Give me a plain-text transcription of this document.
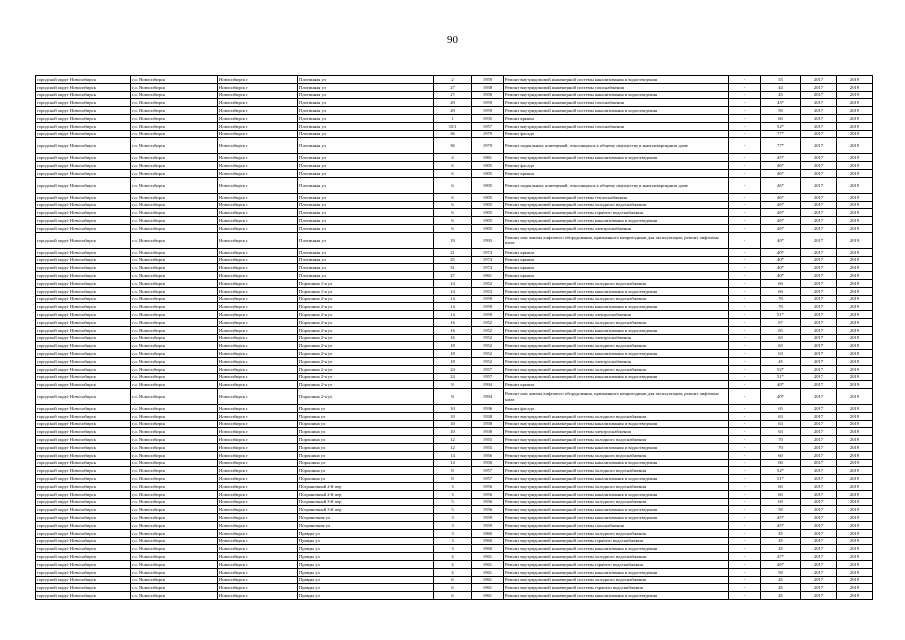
90
городской округ Новосибирск	г.о. Новосибирск	Новосибирск г	Плотинная ул	2	1959	Ремонт внутридомовой инженерной системы канализования и водоотведения	-	55	2017	2019
городской округ Новосибирск	г.о. Новосибирск	Новосибирск г	Плотинная ул	27	1958	Ремонт внутридомовой инженерной системы газоснабжения	-	44	2017	2019
городской округ Новосибирск	г.о. Новосибирск	Новосибирск г	Плотинная ул	27	1958	Ремонт внутридомовой инженерной системы канализования и водоотведения	-	45	2017	2019
городской округ Новосибирск	г.о. Новосибирск	Новосибирск г	Плотинная ул	29	1959	Ремонт внутридомовой инженерной системы газоснабжения	-	43*	2017	2019
городской округ Новосибирск	г.о. Новосибирск	Новосибирск г	Плотинная ул	29	1959	Ремонт внутридомовой инженерной системы канализования и водоотведения	-	50	2017	2019
городской округ Новосибирск	г.о. Новосибирск	Новосибирск г	Плотинная ул	1	1935	Ремонт крыши	-	60	2017	2019
городской округ Новосибирск	г.о. Новосибирск	Новосибирск г	Плотинная ул	35/1	1957	Ремонт внутридомовой инженерной системы газоснабжения	-	52*	2017	2019
городской округ Новосибирск	г.о. Новосибирск	Новосибирск г	Плотинная ул	36	1979	Ремонт фасада	-	77*	2017	2019
городской округ Новосибирск	г.о. Новосибирск	Новосибирск г	Плотинная ул	36	1979	Ремонт подвальных помещений, относящихся к общему имуществу в многоквартирном доме	-	77*	2017	2019
городской округ Новосибирск	г.о. Новосибирск	Новосибирск г	Плотинная ул	4	1961	Ремонт внутридомовой инженерной системы канализования и водоотведения	-	45*	2017	2019
городской округ Новосибирск	г.о. Новосибирск	Новосибирск г	Плотинная ул	6	1905	Ремонт фасада	-	46*	2017	2019
городской округ Новосибирск	г.о. Новосибирск	Новосибирск г	Плотинная ул	6	1905	Ремонт крыши	-	46*	2017	2019
городской округ Новосибирск	г.о. Новосибирск	Новосибирск г	Плотинная ул	6	1905	Ремонт подвальных помещений, относящихся к общему имуществу в многоквартирном доме	-	46*	2017	2019
городской округ Новосибирск	г.о. Новосибирск	Новосибирск г	Плотинная ул	6	1905	Ремонт внутридомовой инженерной системы теплоснабжения	-	46*	2017	2019
городской округ Новосибирск	г.о. Новосибирск	Новосибирск г	Плотинная ул	6	1905	Ремонт внутридомовой инженерной системы холодного водоснабжения	-	46*	2017	2019
городской округ Новосибирск	г.о. Новосибирск	Новосибирск г	Плотинная ул	6	1905	Ремонт внутридомовой инженерной системы горячего водоснабжения	-	46*	2017	2019
городской округ Новосибирск	г.о. Новосибирск	Новосибирск г	Плотинная ул	6	1905	Ремонт внутридомовой инженерной системы канализования и водоотведения	-	46*	2017	2019
городской округ Новосибирск	г.о. Новосибирск	Новосибирск г	Плотинная ул	6	1905	Ремонт внутридомовой инженерной системы электроснабжения	-	46*	2017	2019
городской округ Новосибирск	г.о. Новосибирск	Новосибирск г	Плотинная ул	19	1993	Ремонт или замена лифтового оборудования, признанного непригодным для эксплуатации, ремонт лифтовых шахт	-	40*	2017	2019
городской округ Новосибирск	г.о. Новосибирск	Новосибирск г	Плотинная ул	21	1974	Ремонт крыши	-	40*	2017	2019
городской округ Новосибирск	г.о. Новосибирск	Новосибирск г	Плотинная ул	25	1974	Ремонт крыши	-	40*	2017	2019
городской округ Новосибирск	г.о. Новосибирск	Новосибирск г	Плотинная ул	31	1974	Ремонт крыши	-	40*	2017	2019
городской округ Новосибирск	г.о. Новосибирск	Новосибирск г	Плотинная ул	47	1961	Ремонт крыши	-	40*	2017	2019
городской округ Новосибирск	г.о. Новосибирск	Новосибирск г	Порошина 1-я ул	14	1952	Ремонт внутридомовой инженерной системы холодного водоснабжения	-	60	2017	2019
городской округ Новосибирск	г.о. Новосибирск	Новосибирск г	Порошина 1-я ул	14	1953	Ремонт внутридомовой инженерной системы канализования и водоотведения	-	60	2017	2019
городской округ Новосибирск	г.о. Новосибирск	Новосибирск г	Порошина 2-я ул	14	1950	Ремонт внутридомовой инженерной системы холодного водоснабжения	-	70	2017	2019
городской округ Новосибирск	г.о. Новосибирск	Новосибирск г	Порошина 2-я ул	14	1950	Ремонт внутридомовой инженерной системы канализования и водоотведения	-	70	2017	2019
городской округ Новосибирск	г.о. Новосибирск	Новосибирск г	Порошина 2-я ул	14	1950	Ремонт внутридомовой инженерной системы электроснабжения	-	51*	2017	2019
городской округ Новосибирск	г.о. Новосибирск	Новосибирск г	Порошина 2-я ул	16	1952	Ремонт внутридомовой инженерной системы холодного водоснабжения	-	67	2017	2019
городской округ Новосибирск	г.о. Новосибирск	Новосибирск г	Порошина 2-я ул	16	1952	Ремонт внутридомовой инженерной системы канализования и водоотведения	-	65	2017	2019
городской округ Новосибирск	г.о. Новосибирск	Новосибирск г	Порошина 2-я ул	16	1952	Ремонт внутридомовой инженерной системы электроснабжения	-	65	2017	2019
городской округ Новосибирск	г.о. Новосибирск	Новосибирск г	Порошина 2-я ул	18	1952	Ремонт внутридомовой инженерной системы холодного водоснабжения	-	65	2017	2019
городской округ Новосибирск	г.о. Новосибирск	Новосибирск г	Порошина 2-я ул	18	1952	Ремонт внутридомовой инженерной системы канализования и водоотведения	-	63	2017	2019
городской округ Новосибирск	г.о. Новосибирск	Новосибирск г	Порошина 2-я ул	18	1952	Ремонт внутридомовой инженерной системы электроснабжения	-	45	2017	2019
городской округ Новосибирск	г.о. Новосибирск	Новосибирск г	Порошина 2-я ул	24	1957	Ремонт внутридомовой инженерной системы холодного водоснабжения	-	52*	2017	2019
городской округ Новосибирск	г.о. Новосибирск	Новосибирск г	Порошина 2-я ул	24	1957	Ремонт внутридомовой инженерной системы канализования и водоотведения	-	51*	2017	2019
городской округ Новосибирск	г.о. Новосибирск	Новосибирск г	Порошина 2-я ул	8	1994	Ремонт крыши	-	40*	2017	2019
городской округ Новосибирск	г.о. Новосибирск	Новосибирск г	Порошина 2-я ул	8	1994	Ремонт или замена лифтового оборудования, признанного непригодным для эксплуатации, ремонт лифтовых шахт	-	40*	2017	2019
городской округ Новосибирск	г.о. Новосибирск	Новосибирск г	Порошина ул	10	1936	Ремонт фасада	-	65	2017	2019
городской округ Новосибирск	г.о. Новосибирск	Новосибирск г	Порошина ул	10	1938	Ремонт внутридомовой инженерной системы холодного водоснабжения	-	63	2017	2019
городской округ Новосибирск	г.о. Новосибирск	Новосибирск г	Порошина ул	10	1938	Ремонт внутридомовой инженерной системы канализования и водоотведения	-	63	2017	2019
городской округ Новосибирск	г.о. Новосибирск	Новосибирск г	Порошина ул	10	1938	Ремонт внутридомовой инженерной системы электроснабжения	-	63	2017	2019
городской округ Новосибирск	г.о. Новосибирск	Новосибирск г	Порошина ул	12	1955	Ремонт внутридомовой инженерной системы холодного водоснабжения	-	70	2017	2019
городской округ Новосибирск	г.о. Новосибирск	Новосибирск г	Порошина ул	12	1955	Ремонт внутридомовой инженерной системы канализования и водоотведения	-	70	2017	2019
городской округ Новосибирск	г.о. Новосибирск	Новосибирск г	Порошина ул	14	1956	Ремонт внутридомовой инженерной системы холодного водоснабжения	-	60	2017	2019
городской округ Новосибирск	г.о. Новосибирск	Новосибирск г	Порошина ул	14	1956	Ремонт внутридомовой инженерной системы канализования и водоотведения	-	60	2017	2019
городской округ Новосибирск	г.о. Новосибирск	Новосибирск г	Порошина ул	8	1957	Ремонт внутридомовой инженерной системы холодного водоснабжения	-	52*	2017	2019
городской округ Новосибирск	г.о. Новосибирск	Новосибирск г	Порошина ул	8	1957	Ремонт внутридомовой инженерной системы канализования и водоотведения	-	51*	2017	2019
городской округ Новосибирск	г.о. Новосибирск	Новосибирск г	Пограничный 2-й пер	3	1956	Ремонт внутридомовой инженерной системы холодного водоснабжения	-	60	2017	2019
городской округ Новосибирск	г.о. Новосибирск	Новосибирск г	Пограничный 2-й пер	3	1956	Ремонт внутридомовой инженерной системы канализования и водоотведения	-	60	2017	2019
городской округ Новосибирск	г.о. Новосибирск	Новосибирск г	Пограничный 3-й пер	5	1956	Ремонт внутридомовой инженерной системы холодного водоснабжения	-	69	2017	2019
городской округ Новосибирск	г.о. Новосибирск	Новосибирск г	Пограничный 3-й пер	5	1956	Ремонт внутридомовой инженерной системы канализования и водоотведения	-	50	2017	2019
городской округ Новосибирск	г.о. Новосибирск	Новосибирск г	Пограничная ул	3	1959	Ремонт внутридомовой инженерной системы канализования и водоотведения	-	45*	2017	2019
городской округ Новосибирск	г.о. Новосибирск	Новосибирск г	Пограничная ул	3	1959	Ремонт внутридомовой инженерной системы газоснабжения	-	45*	2017	2019
городской округ Новосибирск	г.о. Новосибирск	Новосибирск г	Правды ул	3	1960	Ремонт внутридомовой инженерной системы холодного водоснабжения	-	45	2017	2019
городской округ Новосибирск	г.о. Новосибирск	Новосибирск г	Правды ул	3	1960	Ремонт внутридомовой инженерной системы горячего водоснабжения	-	45	2017	2019
городской округ Новосибирск	г.о. Новосибирск	Новосибирск г	Правды ул	3	1960	Ремонт внутридомовой инженерной системы канализования и водоотведения	-	45	2017	2019
городской округ Новосибирск	г.о. Новосибирск	Новосибирск г	Правды ул	4	1961	Ремонт внутридомовой инженерной системы холодного водоснабжения	-	47*	2017	2019
городской округ Новосибирск	г.о. Новосибирск	Новосибирск г	Правды ул	4	1961	Ремонт внутридомовой инженерной системы горячего водоснабжения	-	46*	2017	2019
городской округ Новосибирск	г.о. Новосибирск	Новосибирск г	Правды ул	4	1961	Ремонт внутридомовой инженерной системы канализования и водоотведения	-	50	2017	2019
городской округ Новосибирск	г.о. Новосибирск	Новосибирск г	Правды ул	6	1961	Ремонт внутридомовой инженерной системы холодного водоснабжения	-	45	2017	2019
городской округ Новосибирск	г.о. Новосибирск	Новосибирск г	Правды ул	6	1961	Ремонт внутридомовой инженерной системы горячего водоснабжения	-	45	2017	2019
городской округ Новосибирск	г.о. Новосибирск	Новосибирск г	Правды ул	6	1961	Ремонт внутридомовой инженерной системы канализования и водоотведения	-	45	2017	2019
